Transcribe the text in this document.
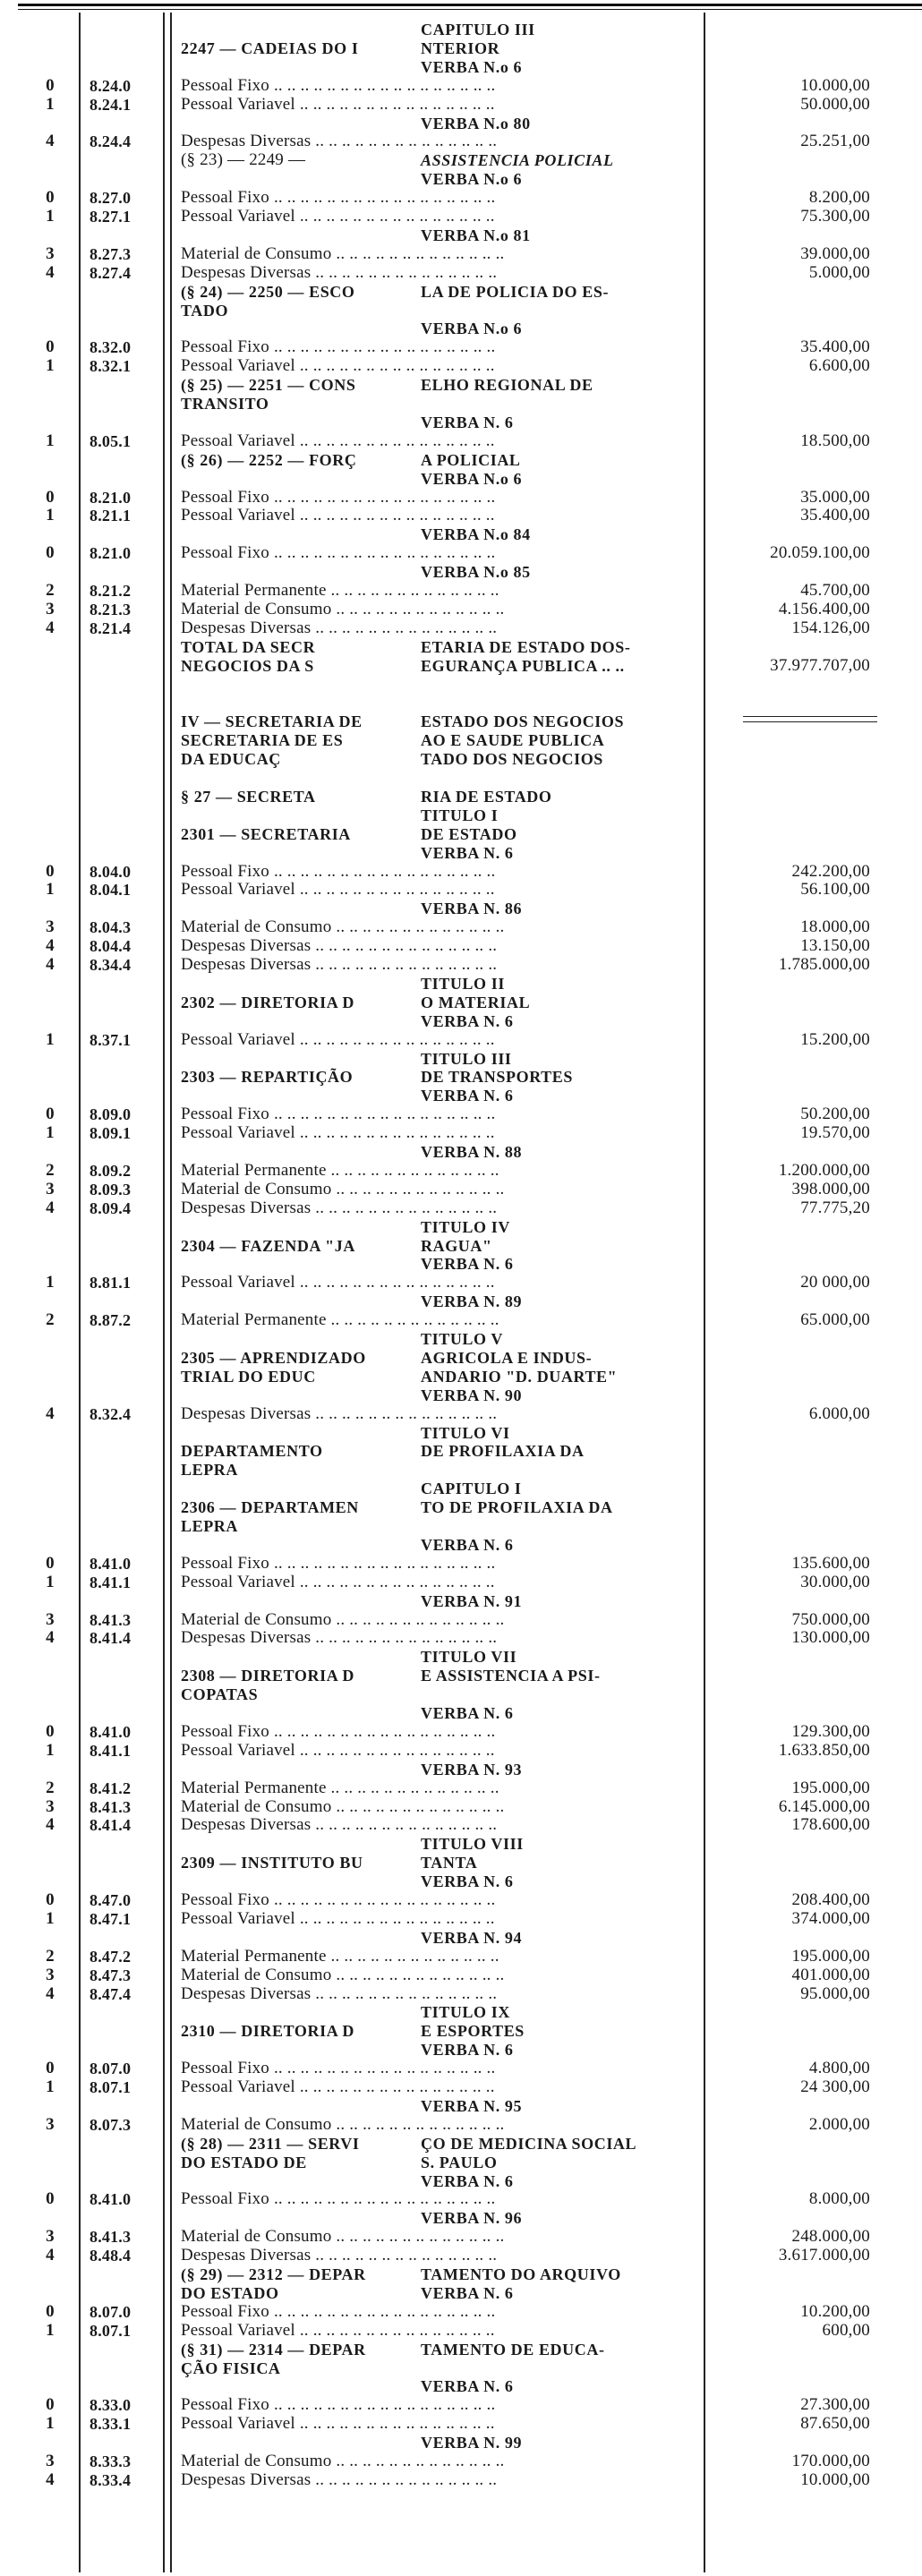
CAPITULO III
2247 — CADEIAS DO I	NTERIOR
VERBA N.o 6
0 8.24.0	Pessoal Fixo .. .. .. .. .. .. .. .. .. .. .. .. .. .. .. .. ..	10.000,00
1 8.24.1	Pessoal Variavel .. .. .. .. .. .. .. .. .. .. .. .. .. .. ..	50.000,00
VERBA N.o 80
4 8.24.4	Despesas Diversas .. .. .. .. .. .. .. .. .. .. .. .. .. ..	25.251,00
(§ 23) — 2249 —	ASSISTENCIA POLICIAL
VERBA N.o 6
0 8.27.0	Pessoal Fixo .. .. .. .. .. .. .. .. .. .. .. .. .. .. .. .. ..	8.200,00
1 8.27.1	Pessoal Variavel .. .. .. .. .. .. .. .. .. .. .. .. .. .. ..	75.300,00
VERBA N.o 81
3 8.27.3	Material de Consumo .. .. .. .. .. .. .. .. .. .. .. .. ..	39.000,00
4 8.27.4	Despesas Diversas .. .. .. .. .. .. .. .. .. .. .. .. .. ..	5.000,00
(§ 24) — 2250 — ESCO	LA DE POLICIA DO ES-
TADO
VERBA N.o 6
0 8.32.0	Pessoal Fixo .. .. .. .. .. .. .. .. .. .. .. .. .. .. .. .. ..	35.400,00
1 8.32.1	Pessoal Variavel .. .. .. .. .. .. .. .. .. .. .. .. .. .. ..	6.600,00
(§ 25) — 2251 — CONS	ELHO REGIONAL DE
TRANSITO
VERBA N. 6
1 8.05.1	Pessoal Variavel .. .. .. .. .. .. .. .. .. .. .. .. .. .. ..	18.500,00
(§ 26) — 2252 — FORÇ	A POLICIAL
VERBA N.o 6
0 8.21.0	Pessoal Fixo .. .. .. .. .. .. .. .. .. .. .. .. .. .. .. .. ..	35.000,00
1 8.21.1	Pessoal Variavel .. .. .. .. .. .. .. .. .. .. .. .. .. .. ..	35.400,00
VERBA N.o 84
0 8.21.0	Pessoal Fixo .. .. .. .. .. .. .. .. .. .. .. .. .. .. .. .. ..	20.059.100,00
VERBA N.o 85
2 8.21.2	Material Permanente .. .. .. .. .. .. .. .. .. .. .. .. ..	45.700,00
3 8.21.3	Material de Consumo .. .. .. .. .. .. .. .. .. .. .. .. ..	4.156.400,00
4 8.21.4	Despesas Diversas .. .. .. .. .. .. .. .. .. .. .. .. .. ..	154.126,00
TOTAL DA SECR	ETARIA DE ESTADO DOS-
NEGOCIOS DA S	EGURANÇA PUBLICA .. ..	37.977.707,00
IV — SECRETARIA DE	ESTADO DOS NEGOCIOS
SECRETARIA DE ES	AO E SAUDE PUBLICA
DA EDUCAÇ	TADO DOS NEGOCIOS
§ 27 — SECRETA	RIA DE ESTADO
TITULO I
2301 — SECRETARIA	DE ESTADO
VERBA N. 6
0 8.04.0	Pessoal Fixo .. .. .. .. .. .. .. .. .. .. .. .. .. .. .. .. ..	242.200,00
1 8.04.1	Pessoal Variavel .. .. .. .. .. .. .. .. .. .. .. .. .. .. ..	56.100,00
VERBA N. 86
3 8.04.3	Material de Consumo .. .. .. .. .. .. .. .. .. .. .. .. ..	18.000,00
4 8.04.4	Despesas Diversas .. .. .. .. .. .. .. .. .. .. .. .. .. ..	13.150,00
4 8.34.4	Despesas Diversas .. .. .. .. .. .. .. .. .. .. .. .. .. ..	1.785.000,00
TITULO II
2302 — DIRETORIA D	O MATERIAL
VERBA N. 6
1 8.37.1	Pessoal Variavel .. .. .. .. .. .. .. .. .. .. .. .. .. .. ..	15.200,00
TITULO III
2303 — REPARTIÇÃO	DE TRANSPORTES
VERBA N. 6
0 8.09.0	Pessoal Fixo .. .. .. .. .. .. .. .. .. .. .. .. .. .. .. .. ..	50.200,00
1 8.09.1	Pessoal Variavel .. .. .. .. .. .. .. .. .. .. .. .. .. .. ..	19.570,00
VERBA N. 88
2 8.09.2	Material Permanente .. .. .. .. .. .. .. .. .. .. .. .. ..	1.200.000,00
3 8.09.3	Material de Consumo .. .. .. .. .. .. .. .. .. .. .. .. ..	398.000,00
4 8.09.4	Despesas Diversas .. .. .. .. .. .. .. .. .. .. .. .. .. ..	77.775,20
TITULO IV
2304 — FAZENDA "JA	RAGUA"
VERBA N. 6
1 8.81.1	Pessoal Variavel .. .. .. .. .. .. .. .. .. .. .. .. .. .. ..	20 000,00
VERBA N. 89
2 8.87.2	Material Permanente .. .. .. .. .. .. .. .. .. .. .. .. ..	65.000,00
TITULO V
2305 — APRENDIZADO	AGRICOLA E INDUS-
TRIAL DO EDUC	ANDARIO "D. DUARTE"
VERBA N. 90
4 8.32.4	Despesas Diversas .. .. .. .. .. .. .. .. .. .. .. .. .. ..	6.000,00
TITULO VI
DEPARTAMENTO	DE PROFILAXIA DA
LEPRA
CAPITULO I
2306 — DEPARTAMEN	TO DE PROFILAXIA DA
LEPRA
VERBA N. 6
0 8.41.0	Pessoal Fixo .. .. .. .. .. .. .. .. .. .. .. .. .. .. .. .. ..	135.600,00
1 8.41.1	Pessoal Variavel .. .. .. .. .. .. .. .. .. .. .. .. .. .. ..	30.000,00
VERBA N. 91
3 8.41.3	Material de Consumo .. .. .. .. .. .. .. .. .. .. .. .. ..	750.000,00
4 8.41.4	Despesas Diversas .. .. .. .. .. .. .. .. .. .. .. .. .. ..	130.000,00
TITULO VII
2308 — DIRETORIA D	E ASSISTENCIA A PSI-
COPATAS
VERBA N. 6
0 8.41.0	Pessoal Fixo .. .. .. .. .. .. .. .. .. .. .. .. .. .. .. .. ..	129.300,00
1 8.41.1	Pessoal Variavel .. .. .. .. .. .. .. .. .. .. .. .. .. .. ..	1.633.850,00
VERBA N. 93
2 8.41.2	Material Permanente .. .. .. .. .. .. .. .. .. .. .. .. ..	195.000,00
3 8.41.3	Material de Consumo .. .. .. .. .. .. .. .. .. .. .. .. ..	6.145.000,00
4 8.41.4	Despesas Diversas .. .. .. .. .. .. .. .. .. .. .. .. .. ..	178.600,00
TITULO VIII
2309 — INSTITUTO BU	TANTA
VERBA N. 6
0 8.47.0	Pessoal Fixo .. .. .. .. .. .. .. .. .. .. .. .. .. .. .. .. ..	208.400,00
1 8.47.1	Pessoal Variavel .. .. .. .. .. .. .. .. .. .. .. .. .. .. ..	374.000,00
VERBA N. 94
2 8.47.2	Material Permanente .. .. .. .. .. .. .. .. .. .. .. .. ..	195.000,00
3 8.47.3	Material de Consumo .. .. .. .. .. .. .. .. .. .. .. .. ..	401.000,00
4 8.47.4	Despesas Diversas .. .. .. .. .. .. .. .. .. .. .. .. .. ..	95.000,00
TITULO IX
2310 — DIRETORIA D	E ESPORTES
VERBA N. 6
0 8.07.0	Pessoal Fixo .. .. .. .. .. .. .. .. .. .. .. .. .. .. .. .. ..	4.800,00
1 8.07.1	Pessoal Variavel .. .. .. .. .. .. .. .. .. .. .. .. .. .. ..	24 300,00
VERBA N. 95
3 8.07.3	Material de Consumo .. .. .. .. .. .. .. .. .. .. .. .. ..	2.000,00
(§ 28) — 2311 — SERVI	ÇO DE MEDICINA SOCIAL
DO ESTADO DE	S. PAULO
VERBA N. 6
0 8.41.0	Pessoal Fixo .. .. .. .. .. .. .. .. .. .. .. .. .. .. .. .. ..	8.000,00
VERBA N. 96
3 8.41.3	Material de Consumo .. .. .. .. .. .. .. .. .. .. .. .. ..	248.000,00
4 8.48.4	Despesas Diversas .. .. .. .. .. .. .. .. .. .. .. .. .. ..	3.617.000,00
(§ 29) — 2312 — DEPAR	TAMENTO DO ARQUIVO
DO ESTADO	VERBA N. 6
0 8.07.0	Pessoal Fixo .. .. .. .. .. .. .. .. .. .. .. .. .. .. .. .. ..	10.200,00
1 8.07.1	Pessoal Variavel .. .. .. .. .. .. .. .. .. .. .. .. .. .. ..	600,00
(§ 31) — 2314 — DEPAR	TAMENTO DE EDUCA-
ÇÃO FISICA
VERBA N. 6
0 8.33.0	Pessoal Fixo .. .. .. .. .. .. .. .. .. .. .. .. .. .. .. .. ..	27.300,00
1 8.33.1	Pessoal Variavel .. .. .. .. .. .. .. .. .. .. .. .. .. .. ..	87.650,00
VERBA N. 99
3 8.33.3	Material de Consumo .. .. .. .. .. .. .. .. .. .. .. .. ..	170.000,00
4 8.33.4	Despesas Diversas .. .. .. .. .. .. .. .. .. .. .. .. .. ..	10.000,00
